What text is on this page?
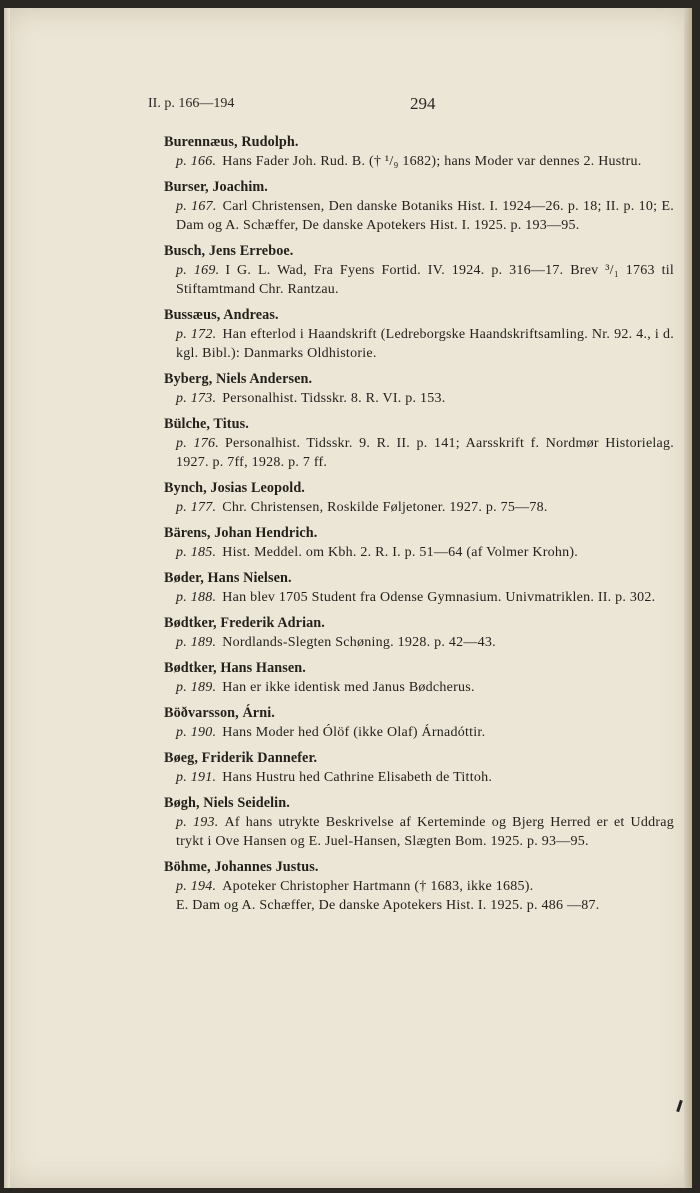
II. p. 166—194	294
Burennæus, Rudolph.
p. 166. Hans Fader Joh. Rud. B. († ¹/₉ 1682); hans Moder var dennes 2. Hustru.
Burser, Joachim.
p. 167. Carl Christensen, Den danske Botaniks Hist. I. 1924—26. p. 18; II. p. 10; E. Dam og A. Schæffer, De danske Apotekers Hist. I. 1925. p. 193—95.
Busch, Jens Erreboe.
p. 169. I G. L. Wad, Fra Fyens Fortid. IV. 1924. p. 316—17. Brev ³/₁ 1763 til Stiftamtmand Chr. Rantzau.
Bussæus, Andreas.
p. 172. Han efterlod i Haandskrift (Ledreborgske Haandskriftsamling. Nr. 92. 4., i d. kgl. Bibl.): Danmarks Oldhistorie.
Byberg, Niels Andersen.
p. 173. Personalhist. Tidsskr. 8. R. VI. p. 153.
Bülche, Titus.
p. 176. Personalhist. Tidsskr. 9. R. II. p. 141; Aarsskrift f. Nordmør Historielag. 1927. p. 7ff, 1928. p. 7 ff.
Bynch, Josias Leopold.
p. 177. Chr. Christensen, Roskilde Føljetoner. 1927. p. 75—78.
Bärens, Johan Hendrich.
p. 185. Hist. Meddel. om Kbh. 2. R. I. p. 51—64 (af Volmer Krohn).
Bøder, Hans Nielsen.
p. 188. Han blev 1705 Student fra Odense Gymnasium. Univmatriklen. II. p. 302.
Bødtker, Frederik Adrian.
p. 189. Nordlands-Slegten Schøning. 1928. p. 42—43.
Bødtker, Hans Hansen.
p. 189. Han er ikke identisk med Janus Bødcherus.
Böðvarsson, Árni.
p. 190. Hans Moder hed Ólöf (ikke Olaf) Árnadóttir.
Bøeg, Friderik Dannefer.
p. 191. Hans Hustru hed Cathrine Elisabeth de Tittoh.
Bøgh, Niels Seidelin.
p. 193. Af hans utrykte Beskrivelse af Kerteminde og Bjerg Herred er et Uddrag trykt i Ove Hansen og E. Juel-Hansen, Slægten Bom. 1925. p. 93—95.
Böhme, Johannes Justus.
p. 194. Apoteker Christopher Hartmann († 1683, ikke 1685).
E. Dam og A. Schæffer, De danske Apotekers Hist. I. 1925. p. 486 —87.
